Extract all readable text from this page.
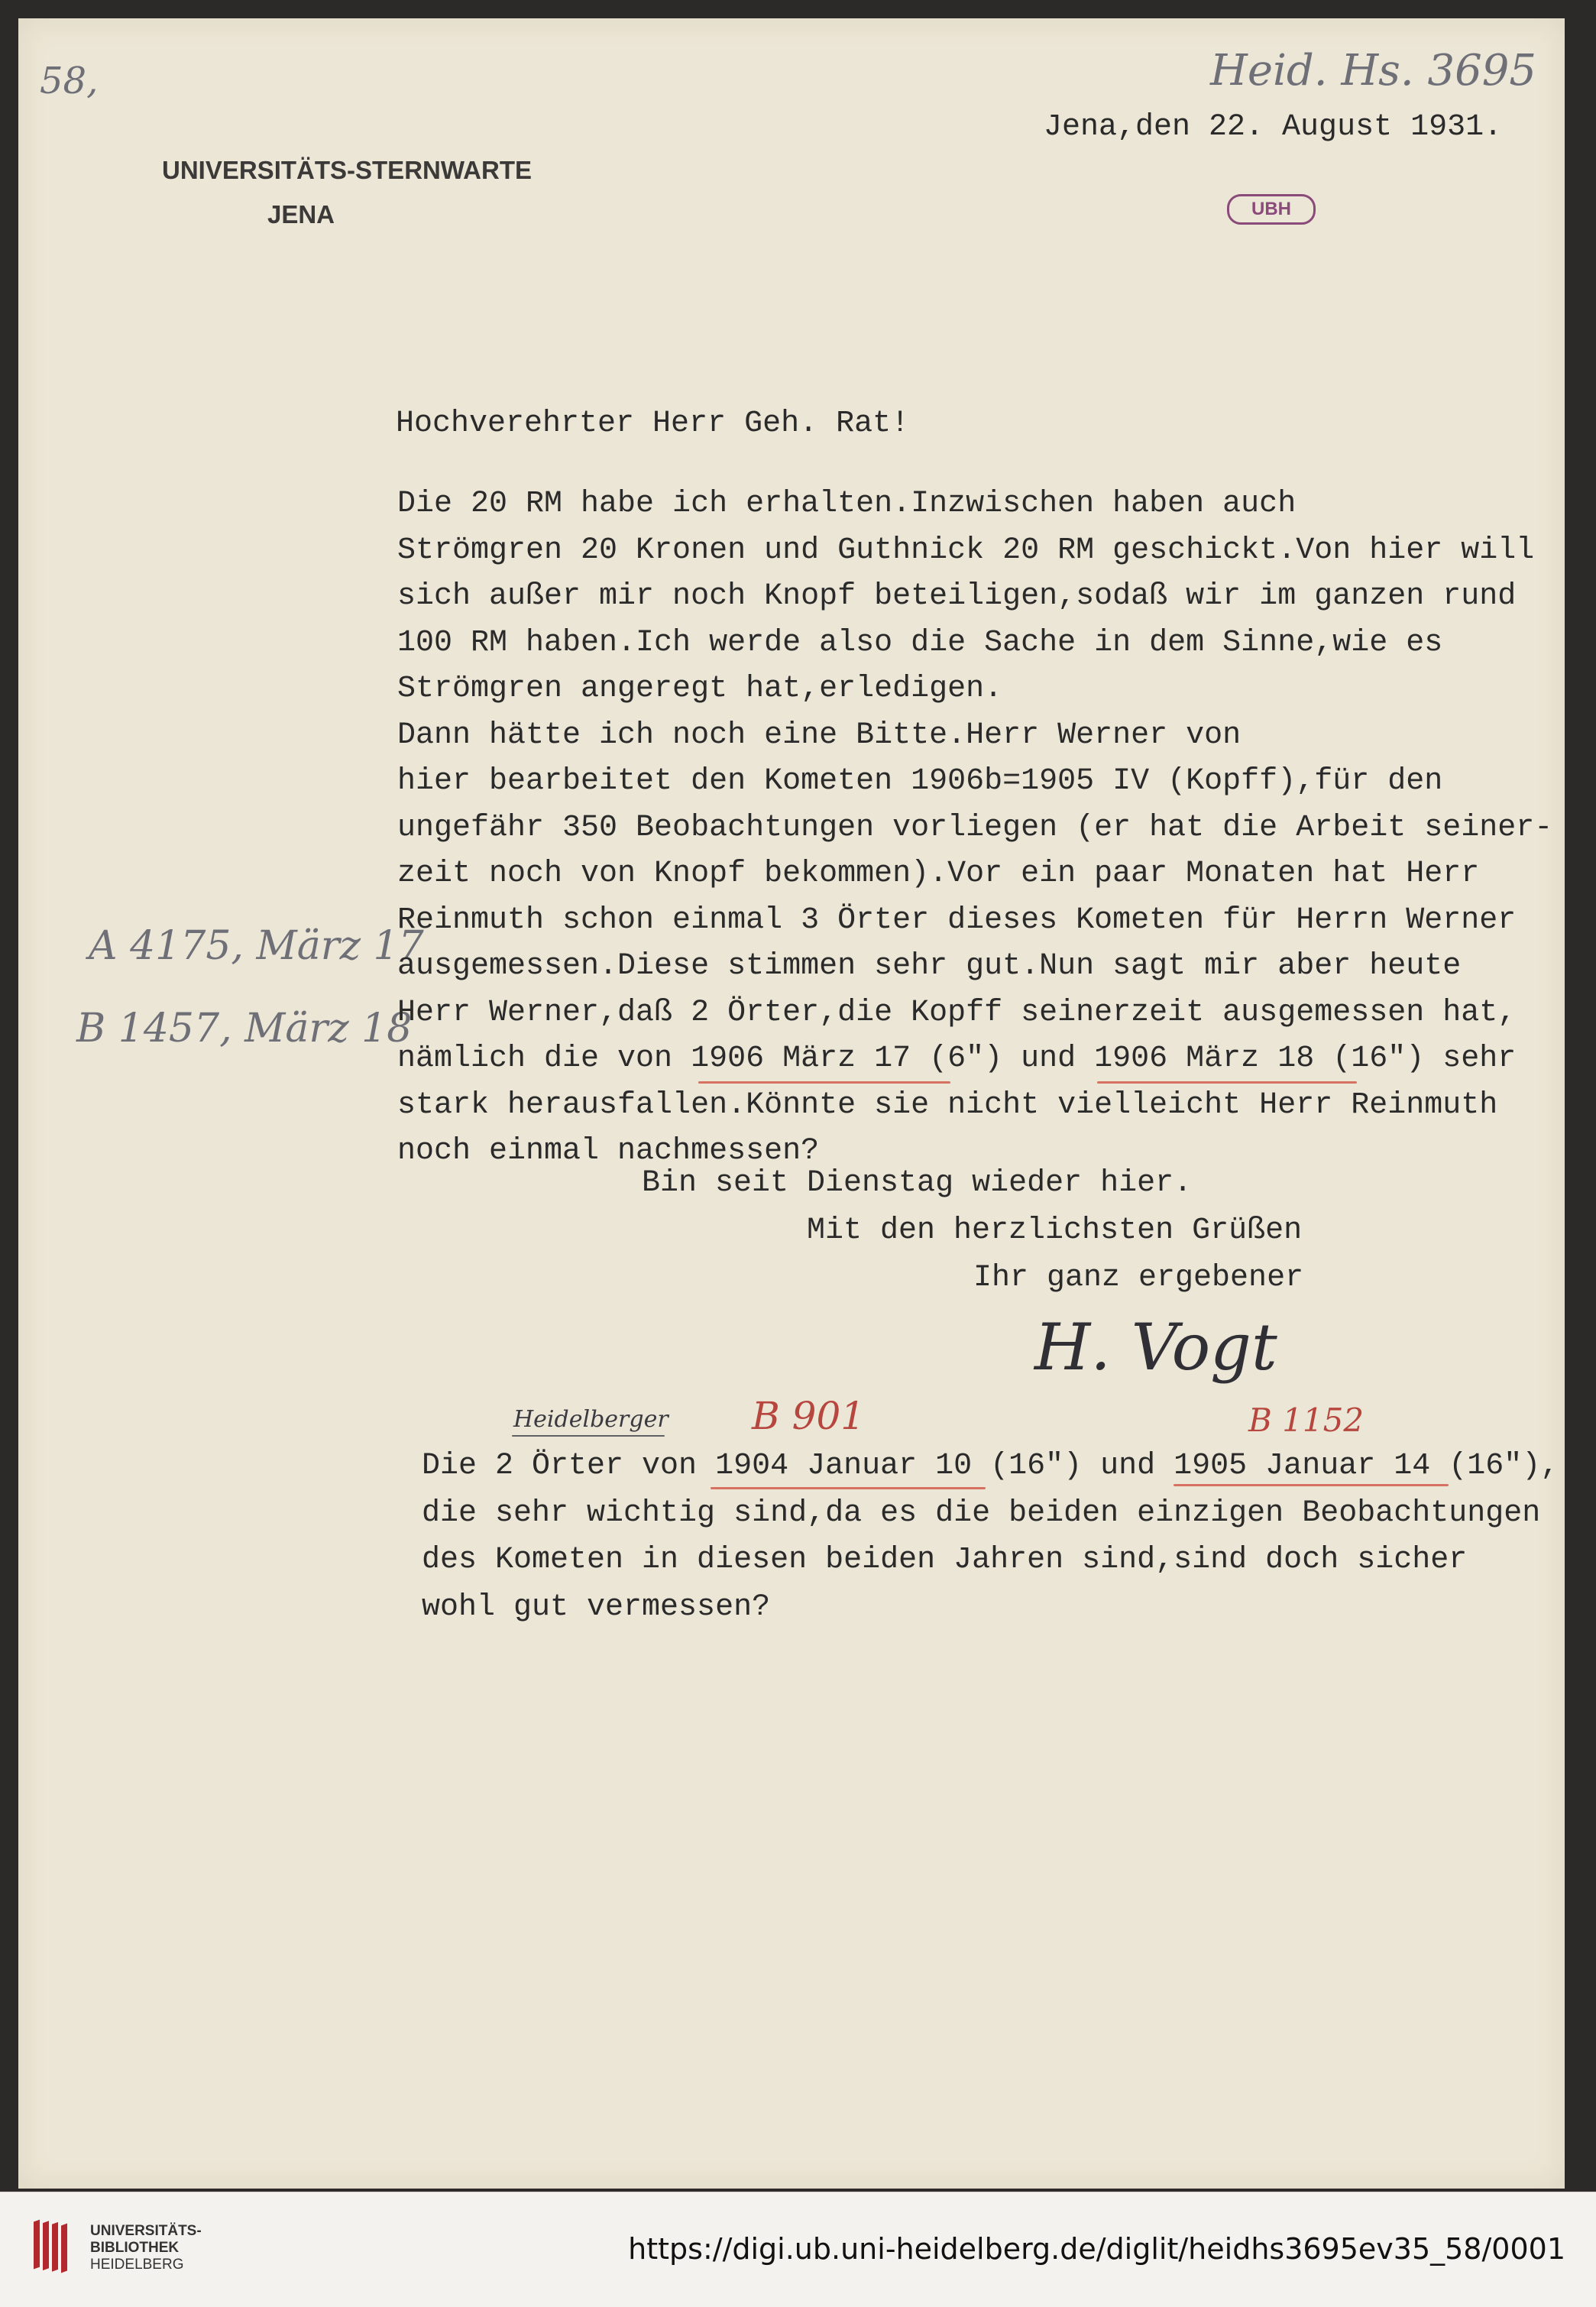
58,	Heid. Hs. 3695
UNIVERSITÄTS-STERNWARTE
JENA
Jena,den 22. August 1931.
UBH
Hochverehrter Herr Geh. Rat!
A 4175, März 17
B 1457, März 18
Die 20 RM habe ich erhalten.Inzwischen haben auch
Strömgren 20 Kronen und Guthnick 20 RM geschickt.Von hier will
sich außer mir noch Knopf beteiligen,sodaß wir im ganzen rund
100 RM haben.Ich werde also die Sache in dem Sinne,wie es
Strömgren angeregt hat,erledigen.
Dann hätte ich noch eine Bitte.Herr Werner von
hier bearbeitet den Kometen 1906b=1905 IV (Kopff),für den
ungefähr 350 Beobachtungen vorliegen (er hat die Arbeit seiner-
zeit noch von Knopf bekommen).Vor ein paar Monaten hat Herr
Reinmuth schon einmal 3 Örter dieses Kometen für Herrn Werner
ausgemessen.Diese stimmen sehr gut.Nun sagt mir aber heute
Herr Werner,daß 2 Örter,die Kopff seinerzeit ausgemessen hat,
nämlich die von 1906 März 17 (6") und 1906 März 18 (16") sehr
stark herausfallen.Könnte sie nicht vielleicht Herr Reinmuth
noch einmal nachmessen?
Bin seit Dienstag wieder hier.
Mit den herzlichsten Grüßen
Ihr ganz ergebener
H. Vogt
Heidelberger B 901	B 1152
Die 2 Örter von 1904 Januar 10 (16") und 1905 Januar 14 (16"),
die sehr wichtig sind,da es die beiden einzigen Beobachtungen
des Kometen in diesen beiden Jahren sind,sind doch sicher
wohl gut vermessen?
UNIVERSITÄTS-
BIBLIOTHEK
HEIDELBERG	https://digi.ub.uni-heidelberg.de/diglit/heidhs3695ev35_58/0001
